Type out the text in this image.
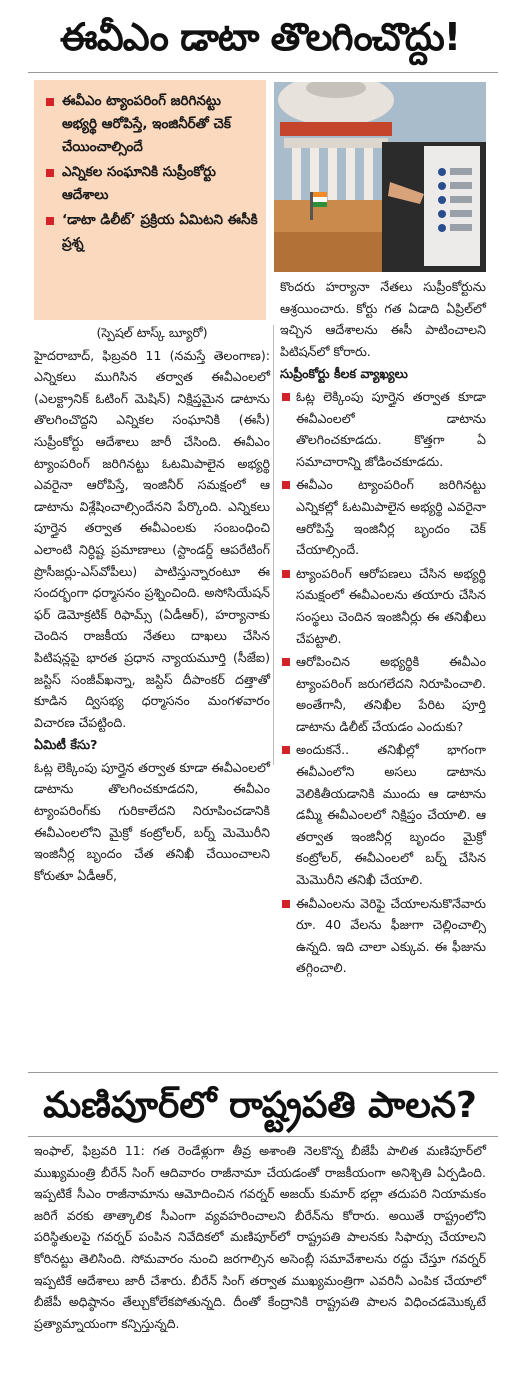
ఈవీఎం డాటా తొలగించొద్దు!
ఈవీఎం ట్యాంపరింగ్ జరిగినట్టు అభ్యర్థి ఆరోపిస్తే, ఇంజినీర్‌తో చెక్ చేయించాల్సిందే
ఎన్నికల సంఘానికి సుప్రీంకోర్టు ఆదేశాలు
‘డాటా డిలీట్’ ప్రక్రియ ఏమిటని ఈసీకి ప్రశ్న

(స్పెషల్ టాస్క్ బ్యూరో)

హైదరాబాద్, ఫిబ్రవరి 11 (నమస్తే తెలంగాణ): ఎన్నికలు ముగిసిన తర్వాత ఈవీఎంలలో (ఎలక్ట్రానిక్ ఓటింగ్ మెషిన్) నిక్షిప్తమైన డాటాను తొలగించొద్దని ఎన్నికల సంఘానికి (ఈసీ) సుప్రీంకోర్టు ఆదేశాలు జారీ చేసింది. ఈవీఎం ట్యాంపరింగ్ జరిగినట్టు ఓటమిపాలైన అభ్యర్థి ఎవరైనా ఆరోపిస్తే, ఇంజినీర్ సమక్షంలో ఆ డాటాను విశ్లేషించాల్సిందేనని పేర్కొంది. ఎన్నికలు పూర్తైన తర్వాత ఈవీఎంలకు సంబంధించి ఎలాంటి నిర్ధిష్ట ప్రమాణాలు (స్టాండర్డ్ ఆపరేటింగ్ ప్రొసీజర్లు-ఎస్‌వోపీలు) పాటిస్తున్నారంటూ ఈ సందర్భంగా ధర్మాసనం ప్రశ్నించింది. అసోసియేషన్ ఫర్ డెమోక్రటిక్ రిఫామ్స్ (ఏడీఆర్), హర్యానాకు చెందిన రాజకీయ నేతలు దాఖలు చేసిన పిటిషన్లపై భారత ప్రధాన న్యాయమూర్తి (సీజేఐ) జస్టిస్ సంజీవ్‌ఖన్నా, జస్టిస్ దీపాంకర్ దత్తాతో కూడిన ద్విసభ్య ధర్మాసనం మంగళవారం విచారణ చేపట్టింది.

ఏమిటీ కేసు?

ఓట్ల లెక్కింపు పూర్తైన తర్వాత కూడా ఈవీఎంలలో డాటాను తొలగించకూడదని, ఈవీఎం ట్యాంపరింగ్‌కు గురికాలేదని నిరూపించడానికి ఈవీఎంలలోని మైక్రో కంట్రోలర్, బర్న్ మెమొరీని ఇంజినీర్ల బృందం చేత తనిఖీ చేయించాలని కోరుతూ ఏడీఆర్,

కొందరు హర్యానా నేతలు సుప్రీంకోర్టును ఆశ్రయించారు. కోర్టు గత ఏడాది ఏప్రిల్‌లో ఇచ్చిన ఆదేశాలను ఈసీ పాటించాలని పిటిషన్‌లో కోరారు.

సుప్రీంకోర్టు కీలక వ్యాఖ్యలు

ఓట్ల లెక్కింపు పూర్తైన తర్వాత కూడా ఈవీఎంలలో డాటాను తొలగించకూడదు. కొత్తగా ఏ సమాచారాన్ని జోడించకూడదు.
ఈవీఎం ట్యాంపరింగ్ జరిగినట్టు ఎన్నికల్లో ఓటమిపాలైన అభ్యర్థి ఎవరైనా ఆరోపిస్తే ఇంజినీర్ల బృందం చెక్ చేయాల్సిందే.
ట్యాంపరింగ్ ఆరోపణలు చేసిన అభ్యర్థి సమక్షంలో ఈవీఎంలను తయారు చేసిన సంస్థలు చెందిన ఇంజినీర్లు ఈ తనిఖీలు చేపట్టాలి.
ఆరోపించిన అభ్యర్థికి ఈవీఎం ట్యాంపరింగ్ జరుగలేదని నిరూపించాలి. అంతేగానీ, తనిఖీల పేరిట పూర్తి డాటాను డిలీట్ చేయడం ఎందుకు?
అందుకనే.. తనిఖీల్లో భాగంగా ఈవీఎంలోని అసలు డాటాను వెలికితీయడానికి ముందు ఆ డాటాను డమ్మీ ఈవీఎంలలో నిక్షిప్తం చేయాలి. ఆ తర్వాత ఇంజినీర్ల బృందం మైక్రో కంట్రోలర్, ఈవీఎంలలో బర్న్ చేసిన మెమొరీని తనిఖీ చేయాలి.
ఈవీఎంలను వెరిఫై చేయాలనుకొనేవారు రూ. 40 వేలను ఫీజుగా చెల్లించాల్సి ఉన్నది. ఇది చాలా ఎక్కువ. ఈ ఫీజును తగ్గించాలి.
మణిపూర్‌లో రాష్ట్రపతి పాలన?
ఇంఫాల్, ఫిబ్రవరి 11: గత రెండేళ్లుగా తీవ్ర అశాంతి నెలకొన్న బీజేపీ పాలిత మణిపూర్‌లో ముఖ్యమంత్రి బీరేన్ సింగ్ ఆదివారం రాజీనామా చేయడంతో రాజకీయంగా అనిశ్చితి ఏర్పడింది. ఇప్పటికే సీఎం రాజీనామాను ఆమోదించిన గవర్నర్ అజయ్ కుమార్ భల్లా తదుపరి నియామకం జరిగే వరకు తాత్కాలిక సీఎంగా వ్యవహరించాలని బీరేన్‌ను కోరారు. అయితే రాష్ట్రంలోని పరిస్థితులపై గవర్నర్ పంపిన నివేదికలో మణిపూర్‌లో రాష్ట్రపతి పాలనకు సిఫార్సు చేయాలని కోరినట్టు తెలిసింది. సోమవారం నుంచి జరగాల్సిన అసెంబ్లీ సమావేశాలను రద్దు చేస్తూ గవర్నర్ ఇప్పటికే ఆదేశాలు జారీ చేశారు. బీరేన్ సింగ్ తర్వాత ముఖ్యమంత్రిగా ఎవరినీ ఎంపిక చేయాలో బీజేపీ అధిష్ఠానం తేల్చుకోలేకపోతున్నది. దీంతో కేంద్రానికి రాష్ట్రపతి పాలన విధించడమొక్కటే ప్రత్యామ్నాయంగా కన్పిస్తున్నది.
